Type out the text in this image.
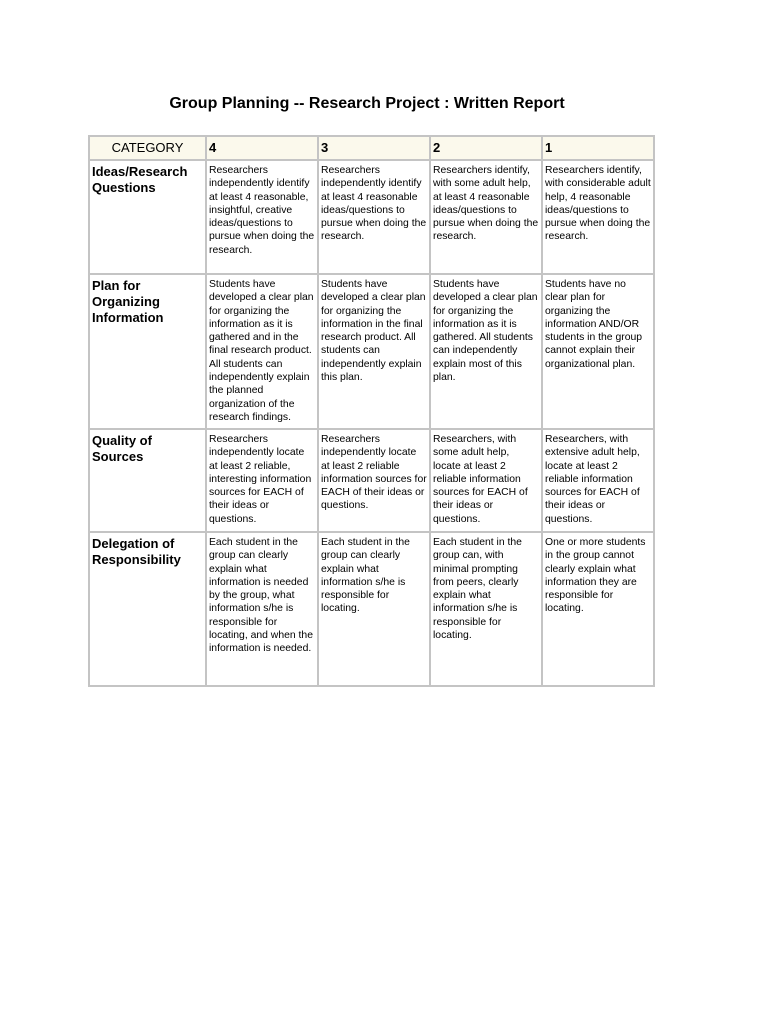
Group Planning -- Research Project : Written Report
CATEGORY	4	3	2	1
Ideas/Research Questions	Researchers independently identify at least 4 reasonable, insightful, creative ideas/questions to pursue when doing the research.	Researchers independently identify at least 4 reasonable ideas/questions to pursue when doing the research.	Researchers identify, with some adult help, at least 4 reasonable ideas/questions to pursue when doing the research.	Researchers identify, with considerable adult help, 4 reasonable ideas/questions to pursue when doing the research.
Plan for Organizing Information	Students have developed a clear plan for organizing the information as it is gathered and in the final research product. All students can independently explain the planned organization of the research findings.	Students have developed a clear plan for organizing the information in the final research product. All students can independently explain this plan.	Students have developed a clear plan for organizing the information as it is gathered. All students can independently explain most of this plan.	Students have no clear plan for organizing the information AND/OR students in the group cannot explain their organizational plan.
Quality of Sources	Researchers independently locate at least 2 reliable, interesting information sources for EACH of their ideas or questions.	Researchers independently locate at least 2 reliable information sources for EACH of their ideas or questions.	Researchers, with some adult help, locate at least 2 reliable information sources for EACH of their ideas or questions.	Researchers, with extensive adult help, locate at least 2 reliable information sources for EACH of their ideas or questions.
Delegation of Responsibility	Each student in the group can clearly explain what information is needed by the group, what information s/he is responsible for locating, and when the information is needed.	Each student in the group can clearly explain what information s/he is responsible for locating.	Each student in the group can, with minimal prompting from peers, clearly explain what information s/he is responsible for locating.	One or more students in the group cannot clearly explain what information they are responsible for locating.
